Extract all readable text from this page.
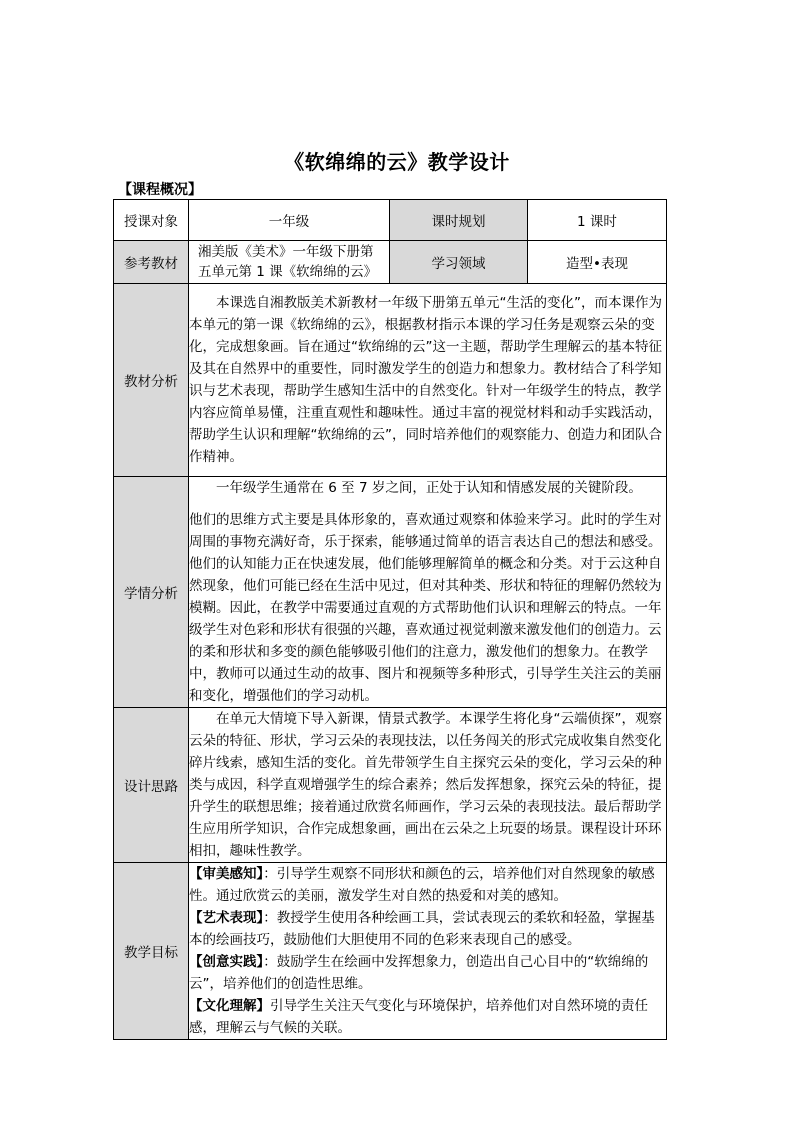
《软绵绵的云》教学设计
【课程概况】
授课对象	一年级	课时规划	1 课时
参考教材	湘美版《美术》一年级下册第五单元第 1 课《软绵绵的云》	学习领域	造型•表现
教材分析	本课选自湘教版美术新教材一年级下册第五单元“生活的变化”，而本课作为本单元的第一课《软绵绵的云》，根据教材指示本课的学习任务是观察云朵的变化，完成想象画。旨在通过“软绵绵的云”这一主题，帮助学生理解云的基本特征及其在自然界中的重要性，同时激发学生的创造力和想象力。教材结合了科学知识与艺术表现，帮助学生感知生活中的自然变化。针对一年级学生的特点，教学内容应简单易懂，注重直观性和趣味性。通过丰富的视觉材料和动手实践活动，帮助学生认识和理解“软绵绵的云”，同时培养他们的观察能力、创造力和团队合作精神。		

学情分析	一年级学生通常在 6 至 7 岁之间，正处于认知和情感发展的关键阶段。

他们的思维方式主要是具体形象的，喜欢通过观察和体验来学习。此时的学生对周围的事物充满好奇，乐于探索，能够通过简单的语言表达自己的想法和感受。他们的认知能力正在快速发展，他们能够理解简单的概念和分类。对于云这种自然现象，他们可能已经在生活中见过，但对其种类、形状和特征的理解仍然较为模糊。因此，在教学中需要通过直观的方式帮助他们认识和理解云的特点。一年级学生对色彩和形状有很强的兴趣，喜欢通过视觉刺激来激发他们的创造力。云的柔和形状和多变的颜色能够吸引他们的注意力，激发他们的想象力。在教学中，教师可以通过生动的故事、图片和视频等多种形式，引导学生关注云的美丽和变化，增强他们的学习动机。		

设计思路	在单元大情境下导入新课，情景式教学。本课学生将化身“云端侦探”，观察云朵的特征、形状，学习云朵的表现技法，以任务闯关的形式完成收集自然变化碎片线索，感知生活的变化。首先带领学生自主探究云朵的变化，学习云朵的种类与成因，科学直观增强学生的综合素养；然后发挥想象，探究云朵的特征，提升学生的联想思维；接着通过欣赏名师画作，学习云朵的表现技法。最后帮助学生应用所学知识，合作完成想象画，画出在云朵之上玩耍的场景。课程设计环环相扣，趣味性教学。		

教学目标	【审美感知】：引导学生观察不同形状和颜色的云，培养他们对自然现象的敏感性。通过欣赏云的美丽，激发学生对自然的热爱和对美的感知。

【艺术表现】：教授学生使用各种绘画工具，尝试表现云的柔软和轻盈，掌握基本的绘画技巧，鼓励他们大胆使用不同的色彩来表现自己的感受。

【创意实践】：鼓励学生在绘画中发挥想象力，创造出自己心目中的“软绵绵的云”，培养他们的创造性思维。

【文化理解】引导学生关注天气变化与环境保护，培养他们对自然环境的责任感，理解云与气候的关联。		
